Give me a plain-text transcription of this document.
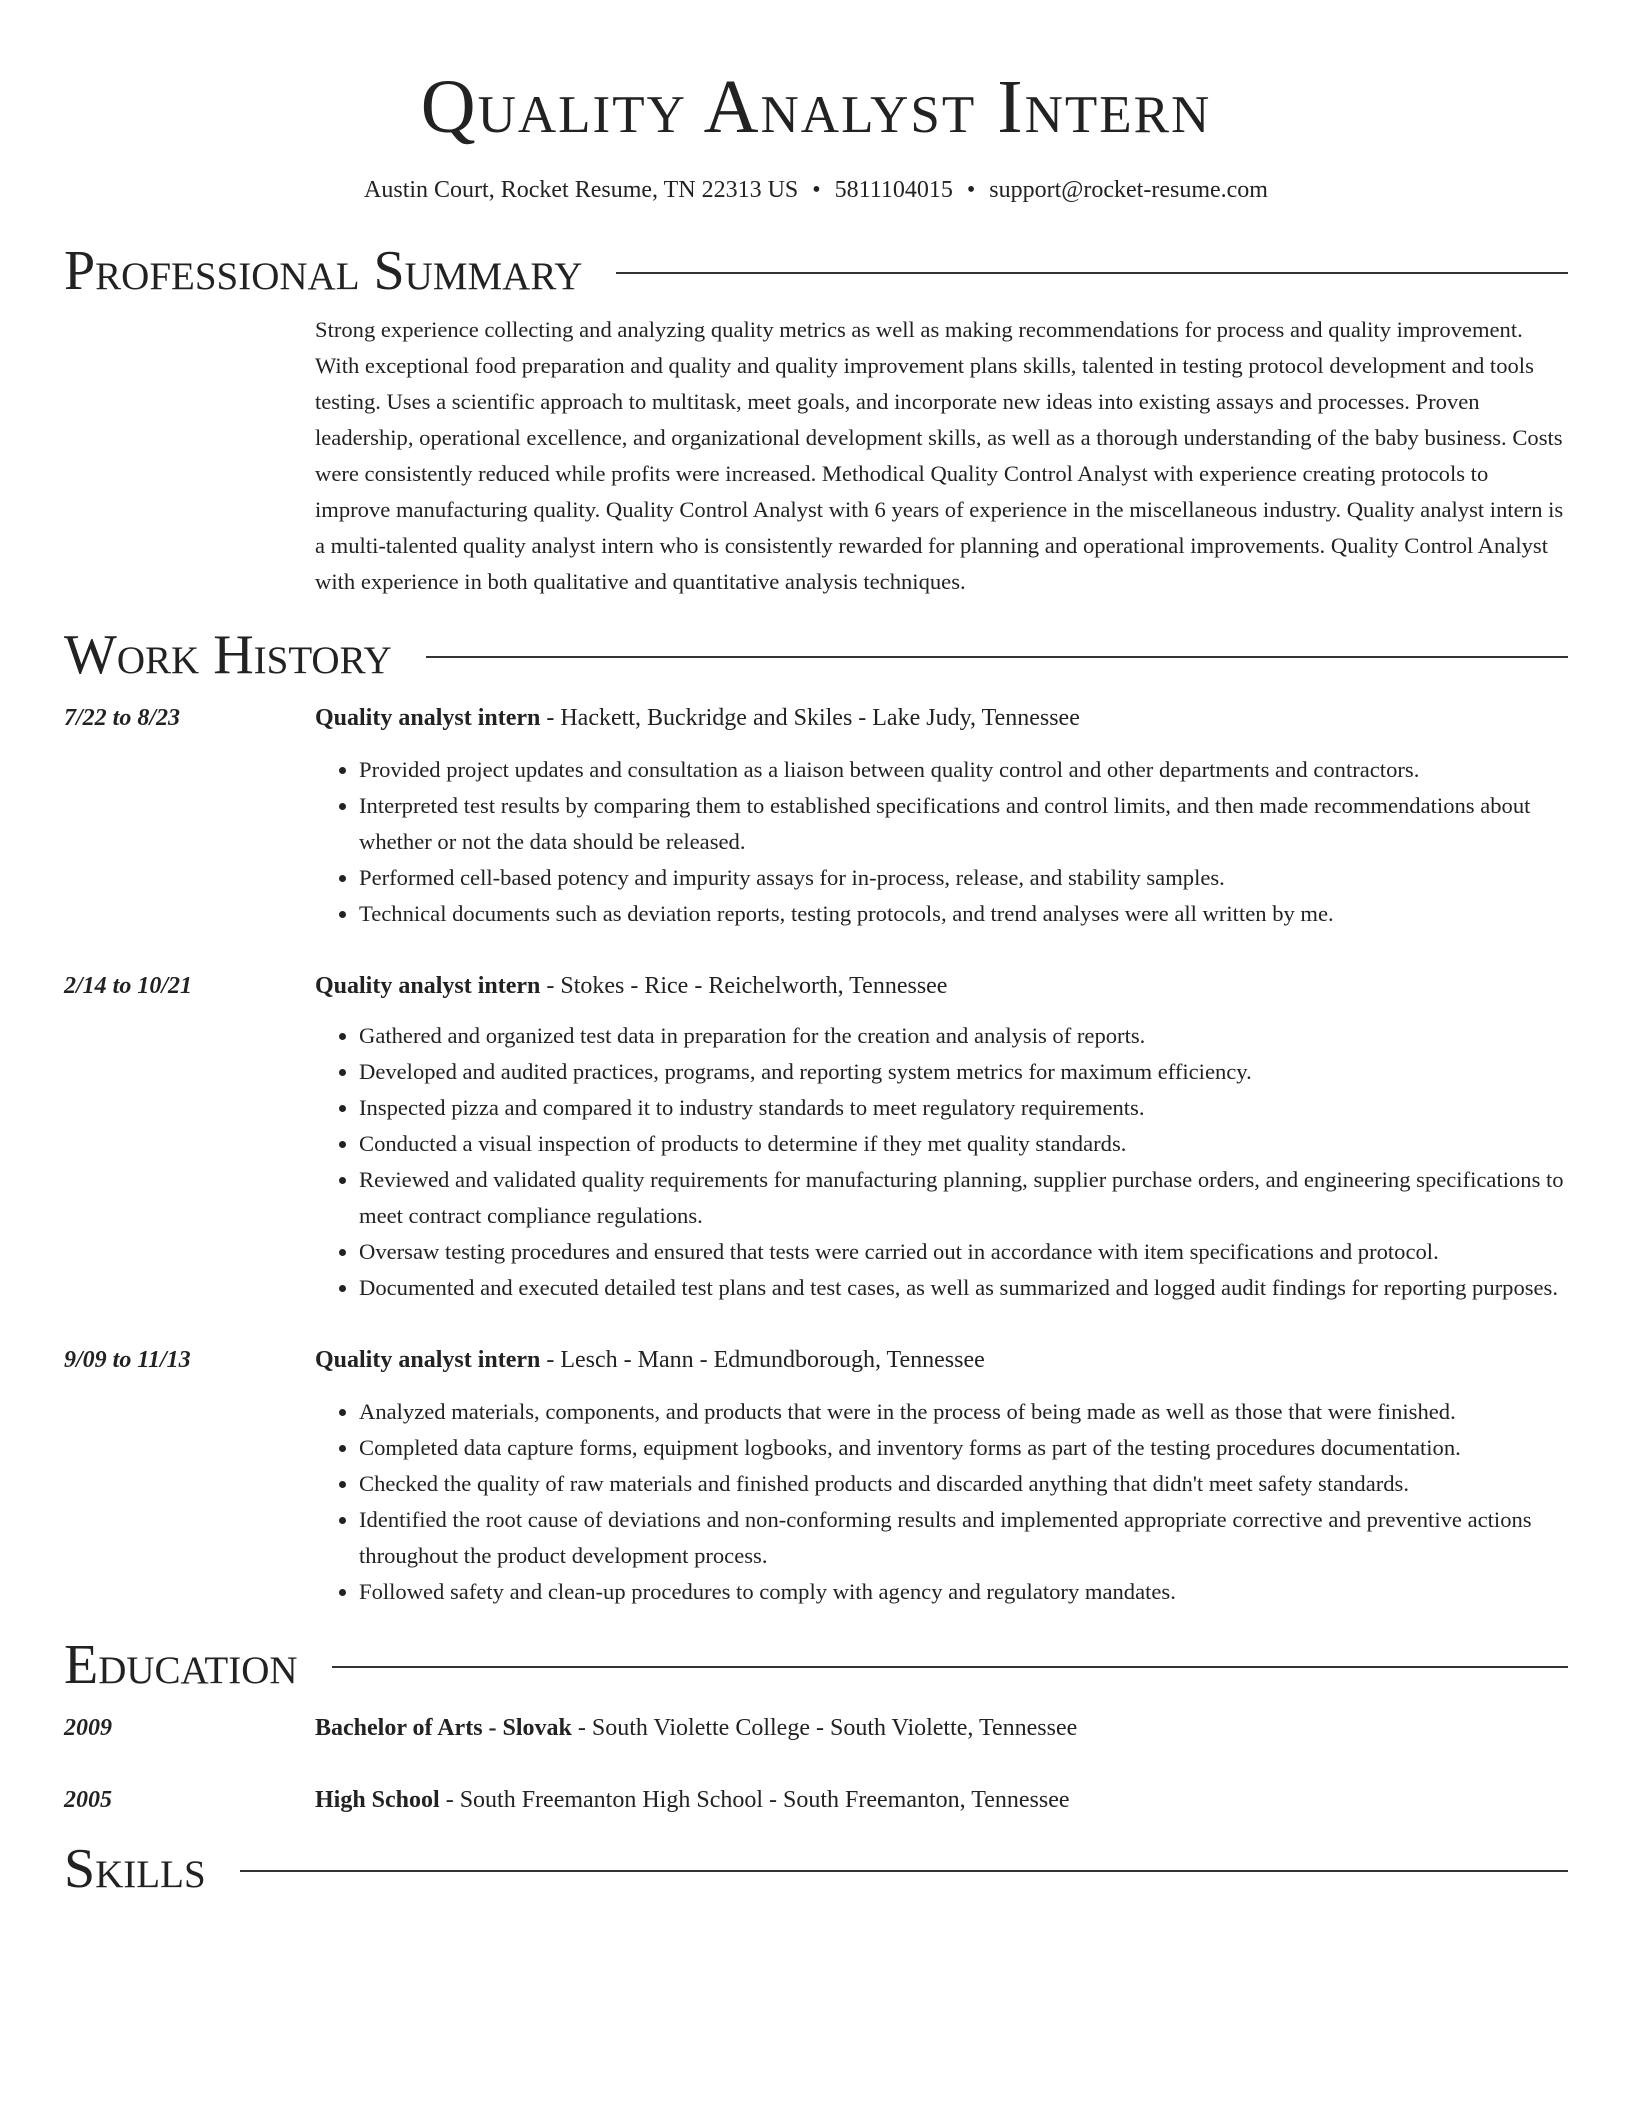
Quality Analyst Intern
Austin Court, Rocket Resume, TN 22313 US • 5811104015 • support@rocket-resume.com
Professional Summary
Strong experience collecting and analyzing quality metrics as well as making recommendations for process and quality improvement. With exceptional food preparation and quality and quality improvement plans skills, talented in testing protocol development and tools testing. Uses a scientific approach to multitask, meet goals, and incorporate new ideas into existing assays and processes. Proven leadership, operational excellence, and organizational development skills, as well as a thorough understanding of the baby business. Costs were consistently reduced while profits were increased. Methodical Quality Control Analyst with experience creating protocols to improve manufacturing quality. Quality Control Analyst with 6 years of experience in the miscellaneous industry. Quality analyst intern is a multi-talented quality analyst intern who is consistently rewarded for planning and operational improvements. Quality Control Analyst with experience in both qualitative and quantitative analysis techniques.
Work History
7/22 to 8/23	Quality analyst intern - Hackett, Buckridge and Skiles - Lake Judy, Tennessee
• Provided project updates and consultation as a liaison between quality control and other departments and contractors.
• Interpreted test results by comparing them to established specifications and control limits, and then made recommendations about whether or not the data should be released.
• Performed cell-based potency and impurity assays for in-process, release, and stability samples.
• Technical documents such as deviation reports, testing protocols, and trend analyses were all written by me.
2/14 to 10/21	Quality analyst intern - Stokes - Rice - Reichelworth, Tennessee
• Gathered and organized test data in preparation for the creation and analysis of reports.
• Developed and audited practices, programs, and reporting system metrics for maximum efficiency.
• Inspected pizza and compared it to industry standards to meet regulatory requirements.
• Conducted a visual inspection of products to determine if they met quality standards.
• Reviewed and validated quality requirements for manufacturing planning, supplier purchase orders, and engineering specifications to meet contract compliance regulations.
• Oversaw testing procedures and ensured that tests were carried out in accordance with item specifications and protocol.
• Documented and executed detailed test plans and test cases, as well as summarized and logged audit findings for reporting purposes.
9/09 to 11/13	Quality analyst intern - Lesch - Mann - Edmundborough, Tennessee
• Analyzed materials, components, and products that were in the process of being made as well as those that were finished.
• Completed data capture forms, equipment logbooks, and inventory forms as part of the testing procedures documentation.
• Checked the quality of raw materials and finished products and discarded anything that didn't meet safety standards.
• Identified the root cause of deviations and non-conforming results and implemented appropriate corrective and preventive actions throughout the product development process.
• Followed safety and clean-up procedures to comply with agency and regulatory mandates.
Education
2009	Bachelor of Arts - Slovak - South Violette College - South Violette, Tennessee
2005	High School - South Freemanton High School - South Freemanton, Tennessee
Skills
